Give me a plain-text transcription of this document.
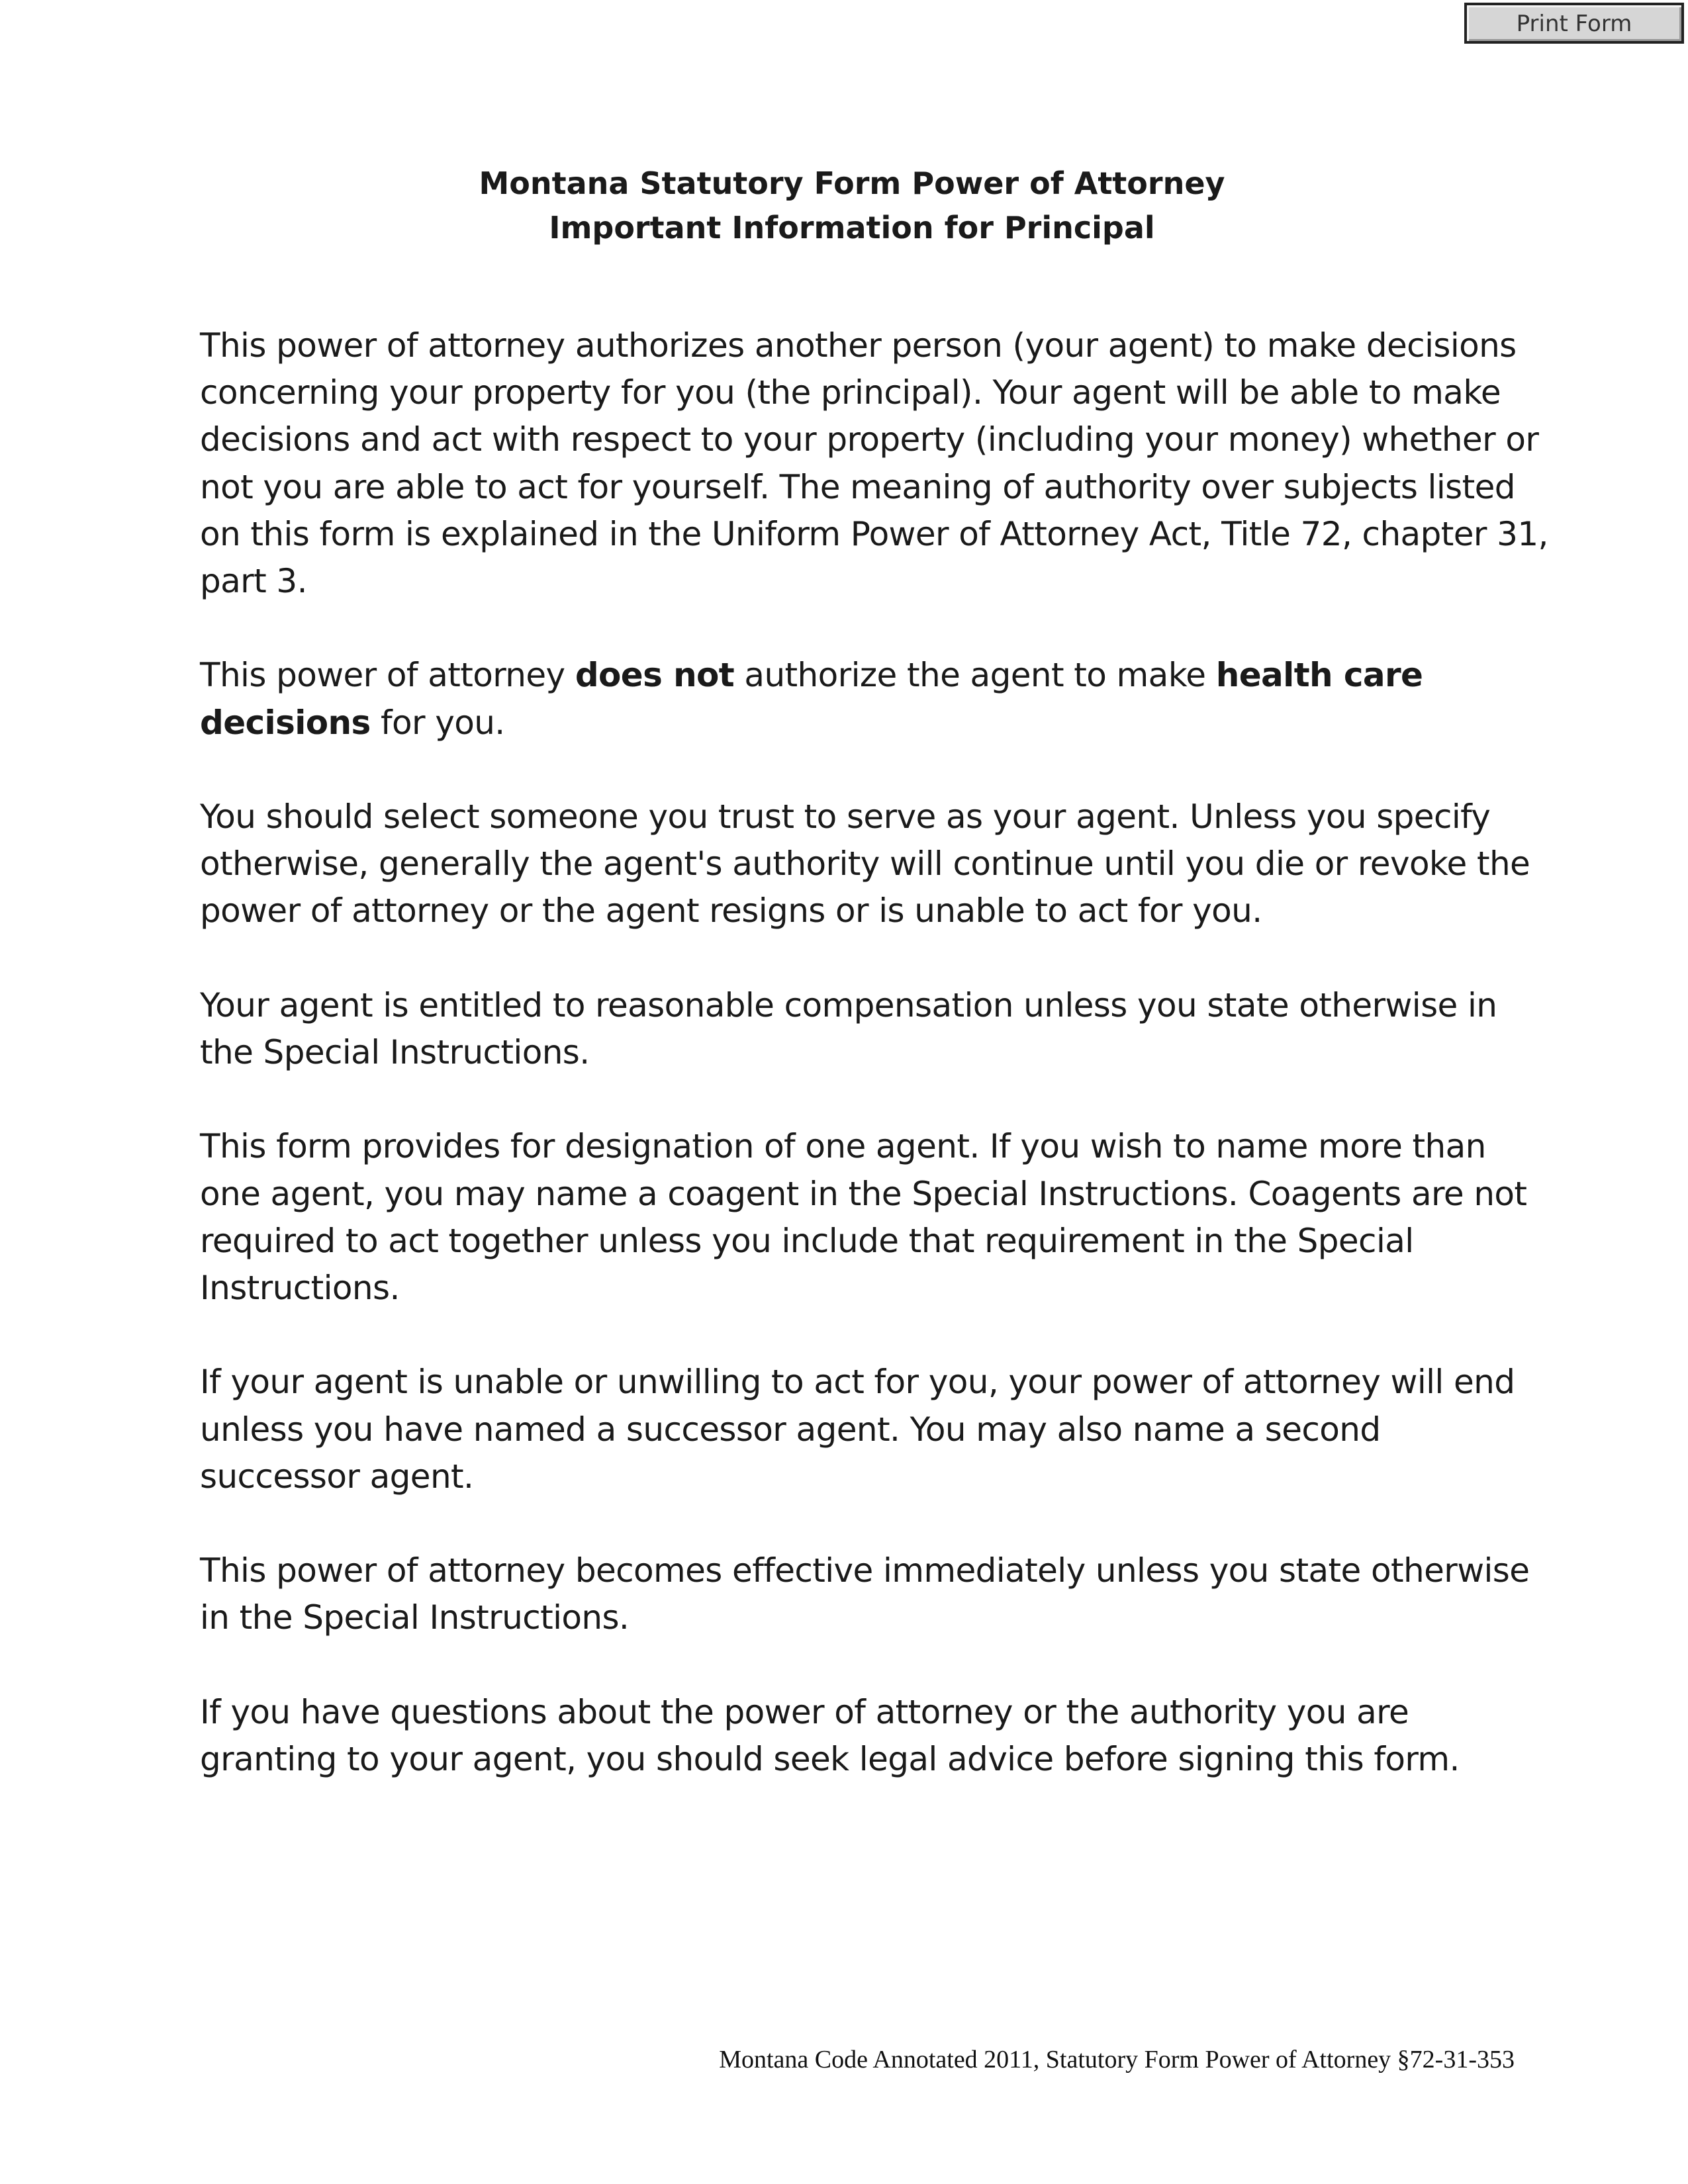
Print Form
Montana Statutory Form Power of Attorney
Important Information for Principal

This power of attorney authorizes another person (your agent) to make decisions concerning your property for you (the principal). Your agent will be able to make decisions and act with respect to your property (including your money) whether or not you are able to act for yourself. The meaning of authority over subjects listed on this form is explained in the Uniform Power of Attorney Act, Title 72, chapter 31, part 3.

This power of attorney does not authorize the agent to make health care decisions for you.

You should select someone you trust to serve as your agent. Unless you specify otherwise, generally the agent's authority will continue until you die or revoke the power of attorney or the agent resigns or is unable to act for you.

Your agent is entitled to reasonable compensation unless you state otherwise in the Special Instructions.

This form provides for designation of one agent. If you wish to name more than one agent, you may name a coagent in the Special Instructions. Coagents are not required to act together unless you include that requirement in the Special Instructions.

If your agent is unable or unwilling to act for you, your power of attorney will end unless you have named a successor agent. You may also name a second successor agent.

This power of attorney becomes effective immediately unless you state otherwise in the Special Instructions.

If you have questions about the power of attorney or the authority you are granting to your agent, you should seek legal advice before signing this form.

Montana Code Annotated 2011, Statutory Form Power of Attorney §72-31-353
